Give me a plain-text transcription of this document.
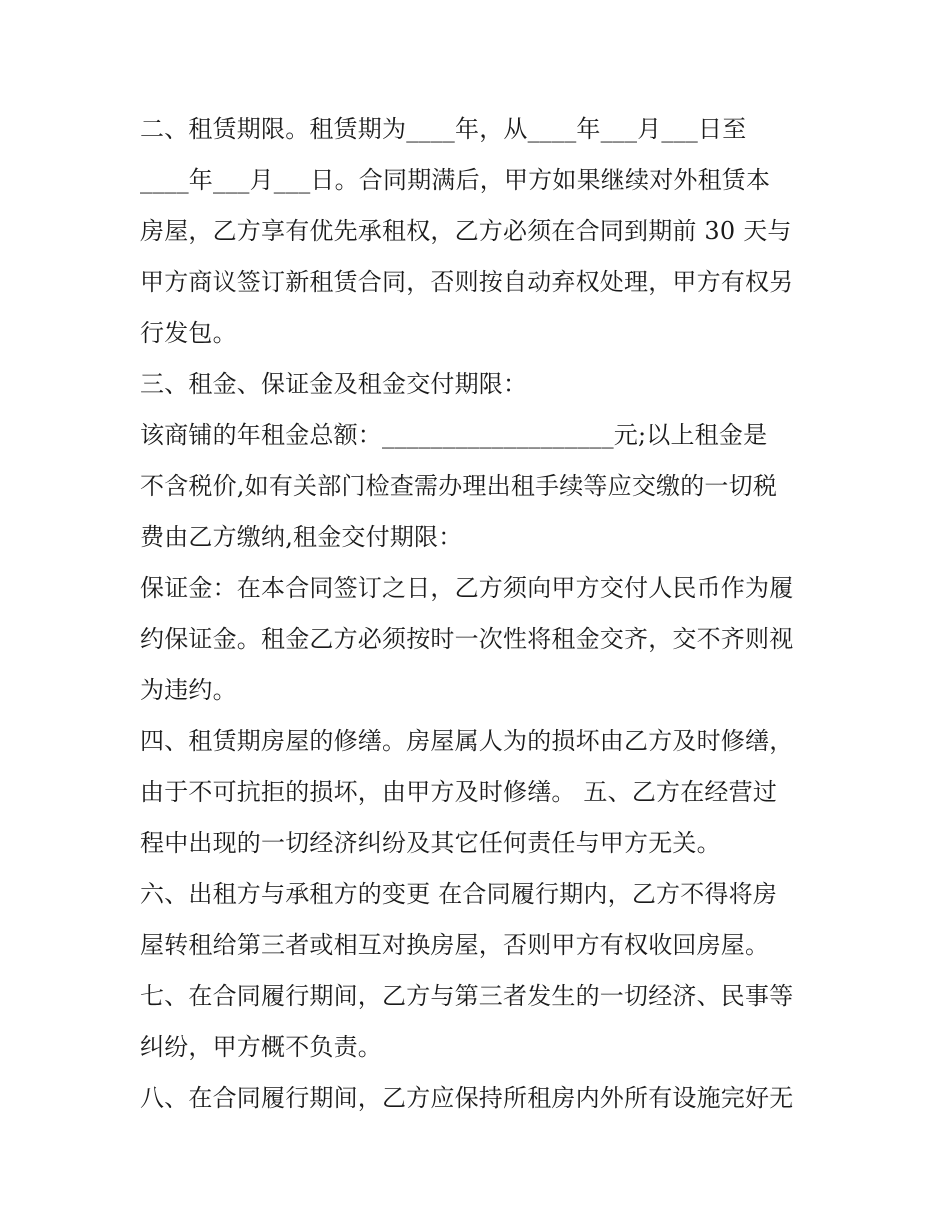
二、租赁期限。租赁期为____年，从____年___月___日至
____年___月___日。合同期满后，甲方如果继续对外租赁本
房屋，乙方享有优先承租权，乙方必须在合同到期前 30 天与
甲方商议签订新租赁合同，否则按自动弃权处理，甲方有权另
行发包。
三、租金、保证金及租金交付期限：
该商铺的年租金总额：___________________元;以上租金是
不含税价,如有关部门检查需办理出租手续等应交缴的一切税
费由乙方缴纳,租金交付期限：
保证金：在本合同签订之日，乙方须向甲方交付人民币作为履
约保证金。租金乙方必须按时一次性将租金交齐，交不齐则视
为违约。
四、租赁期房屋的修缮。房屋属人为的损坏由乙方及时修缮，
由于不可抗拒的损坏，由甲方及时修缮。 五、乙方在经营过
程中出现的一切经济纠纷及其它任何责任与甲方无关。
六、出租方与承租方的变更 在合同履行期内，乙方不得将房
屋转租给第三者或相互对换房屋，否则甲方有权收回房屋。
七、在合同履行期间，乙方与第三者发生的一切经济、民事等
纠纷，甲方概不负责。
八、在合同履行期间，乙方应保持所租房内外所有设施完好无
